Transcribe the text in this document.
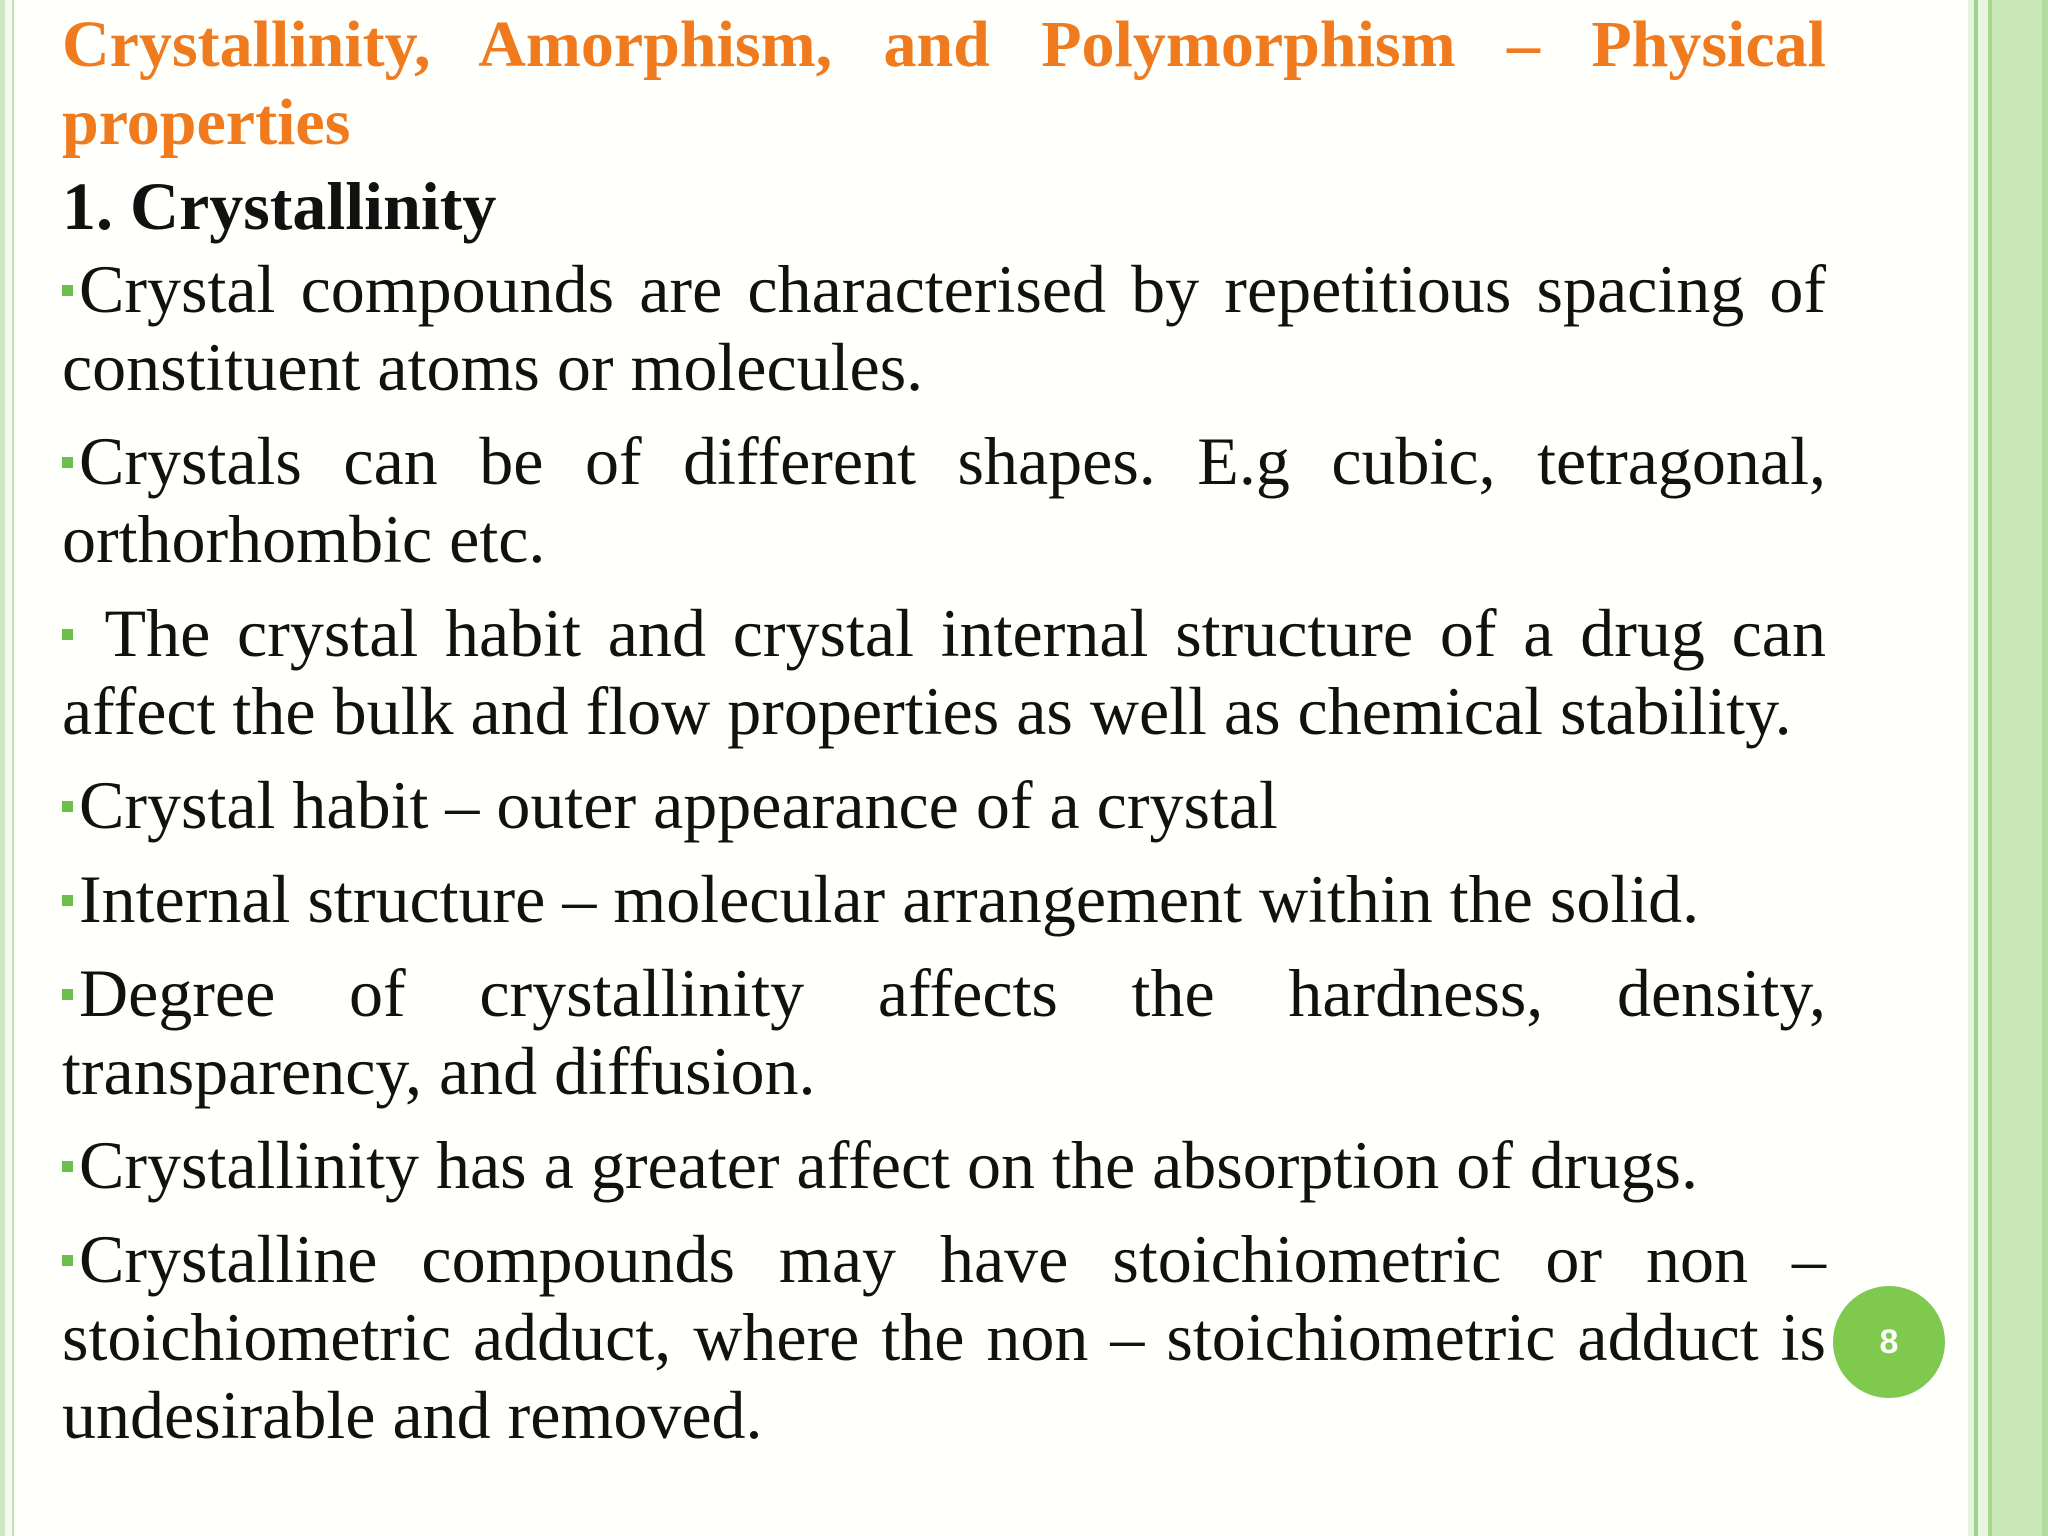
Crystallinity, Amorphism, and Polymorphism – Physical properties
1. Crystallinity
Crystal compounds are characterised by repetitious spacing of constituent atoms or molecules.
Crystals can be of different shapes. E.g cubic, tetragonal, orthorhombic etc.
The crystal habit and crystal internal structure of a drug can affect the bulk and flow properties as well as chemical stability.
Crystal habit – outer appearance of a crystal
Internal structure – molecular arrangement within the solid.
Degree of crystallinity affects the hardness, density, transparency, and diffusion.
Crystallinity has a greater affect on the absorption of drugs.
Crystalline compounds may have stoichiometric or non – stoichiometric adduct, where the non – stoichiometric adduct is undesirable and removed.
8
